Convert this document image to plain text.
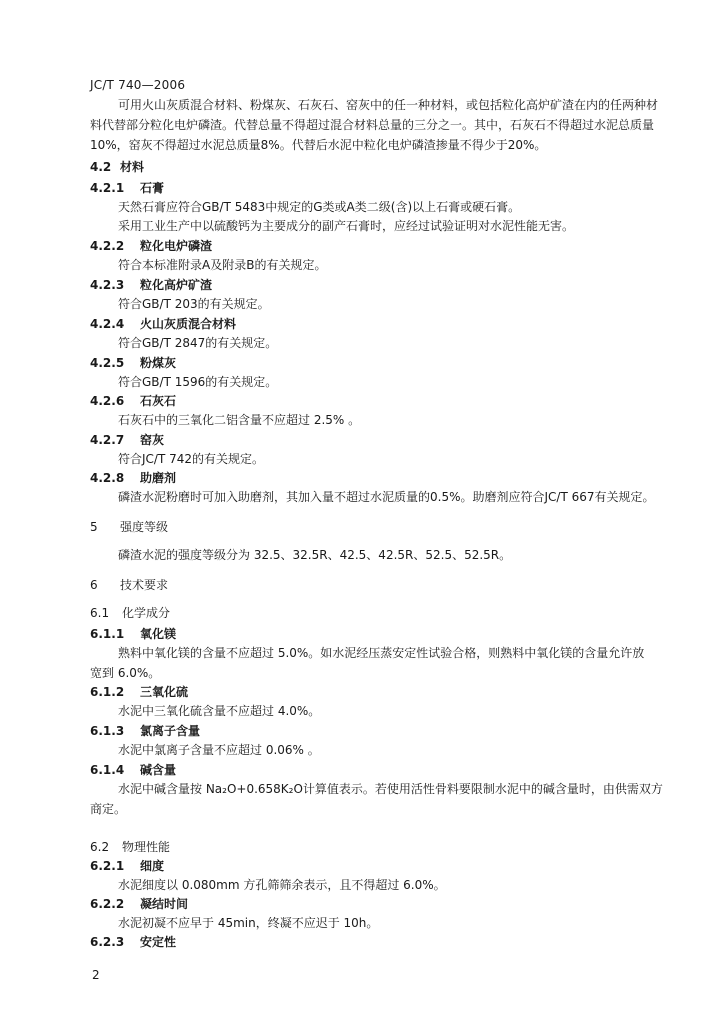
JC/T 740—2006
可用火山灰质混合材料、粉煤灰、石灰石、窑灰中的任一种材料，或包括粒化高炉矿渣在内的任两种材
料代替部分粒化电炉磷渣。代替总量不得超过混合材料总量的三分之一。其中，石灰石不得超过水泥总质量
10%，窑灰不得超过水泥总质量8%。代替后水泥中粒化电炉磷渣掺量不得少于20%。
4.2 材料
4.2.1 石膏
天然石膏应符合GB/T 5483中规定的G类或A类二级(含)以上石膏或硬石膏。
采用工业生产中以硫酸钙为主要成分的副产石膏时，应经过试验证明对水泥性能无害。
4.2.2 粒化电炉磷渣
符合本标准附录A及附录B的有关规定。
4.2.3 粒化高炉矿渣
符合GB/T 203的有关规定。
4.2.4 火山灰质混合材料
符合GB/T 2847的有关规定。
4.2.5 粉煤灰
符合GB/T 1596的有关规定。
4.2.6 石灰石
石灰石中的三氧化二铝含量不应超过 2.5% 。
4.2.7 窑灰
符合JC/T 742的有关规定。
4.2.8 助磨剂
磷渣水泥粉磨时可加入助磨剂，其加入量不超过水泥质量的0.5%。助磨剂应符合JC/T 667有关规定。
5 强度等级
磷渣水泥的强度等级分为 32.5、32.5R、42.5、42.5R、52.5、52.5R。
6 技术要求
6.1 化学成分
6.1.1 氧化镁
熟料中氧化镁的含量不应超过 5.0%。如水泥经压蒸安定性试验合格，则熟料中氧化镁的含量允许放
宽到 6.0%。
6.1.2 三氧化硫
水泥中三氧化硫含量不应超过 4.0%。
6.1.3 氯离子含量
水泥中氯离子含量不应超过 0.06% 。
6.1.4 碱含量
水泥中碱含量按 Na₂O+0.658K₂O计算值表示。若使用活性骨料要限制水泥中的碱含量时，由供需双方
商定。
6.2 物理性能
6.2.1 细度
水泥细度以 0.080mm 方孔筛筛余表示，且不得超过 6.0%。
6.2.2 凝结时间
水泥初凝不应早于 45min，终凝不应迟于 10h。
6.2.3 安定性
2
